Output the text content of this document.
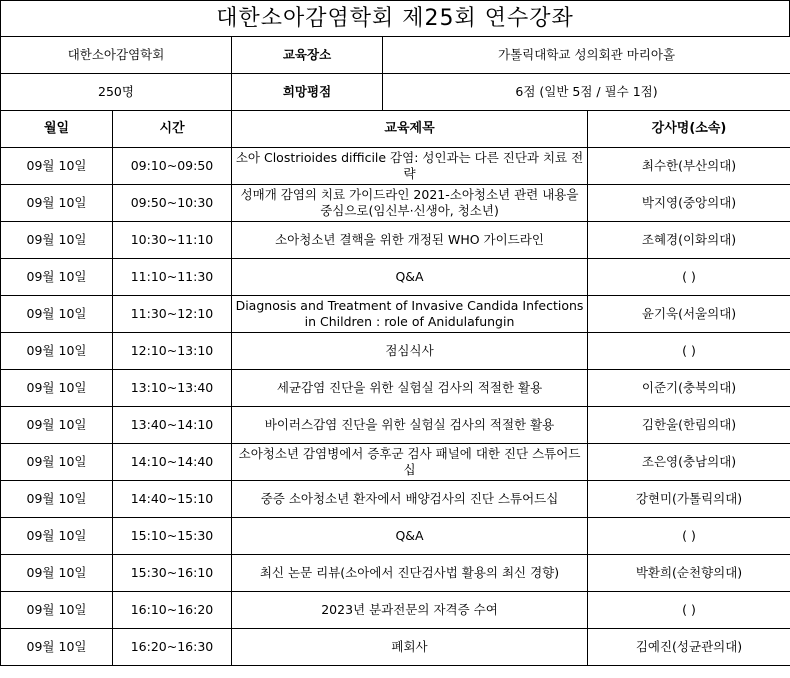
대한소아감염학회 제25회 연수강좌
대한소아감염학회		교육장소	가톨릭대학교 성의회관 마리아홀	
250명		희망평점	6점 (일반 5점 / 필수 1점)	
월일	시간	교육제목		강사명(소속)
09월 10일	09:10~09:50	소아 Clostrioides difficile 감염: 성인과는 다른 진단과 치료 전략		최수한(부산의대)
09월 10일	09:50~10:30	성매개 감염의 치료 가이드라인 2021-소아청소년 관련 내용을 중심으로(임신부·신생아, 청소년)		박지영(중앙의대)
09월 10일	10:30~11:10	소아청소년 결핵을 위한 개정된 WHO 가이드라인		조혜경(이화의대)
09월 10일	11:10~11:30	Q&A		( )
09월 10일	11:30~12:10	Diagnosis and Treatment of Invasive Candida Infections in Children : role of Anidulafungin		윤기욱(서울의대)
09월 10일	12:10~13:10	점심식사		( )
09월 10일	13:10~13:40	세균감염 진단을 위한 실험실 검사의 적절한 활용		이준기(충북의대)
09월 10일	13:40~14:10	바이러스감염 진단을 위한 실험실 검사의 적절한 활용		김한울(한림의대)
09월 10일	14:10~14:40	소아청소년 감염병에서 증후군 검사 패널에 대한 진단 스튜어드십		조은영(충남의대)
09월 10일	14:40~15:10	중증 소아청소년 환자에서 배양검사의 진단 스튜어드십		강현미(가톨릭의대)
09월 10일	15:10~15:30	Q&A		( )
09월 10일	15:30~16:10	최신 논문 리뷰(소아에서 진단검사법 활용의 최신 경향)		박환희(순천향의대)
09월 10일	16:10~16:20	2023년 분과전문의 자격증 수여		( )
09월 10일	16:20~16:30	폐회사		김예진(성균관의대)
